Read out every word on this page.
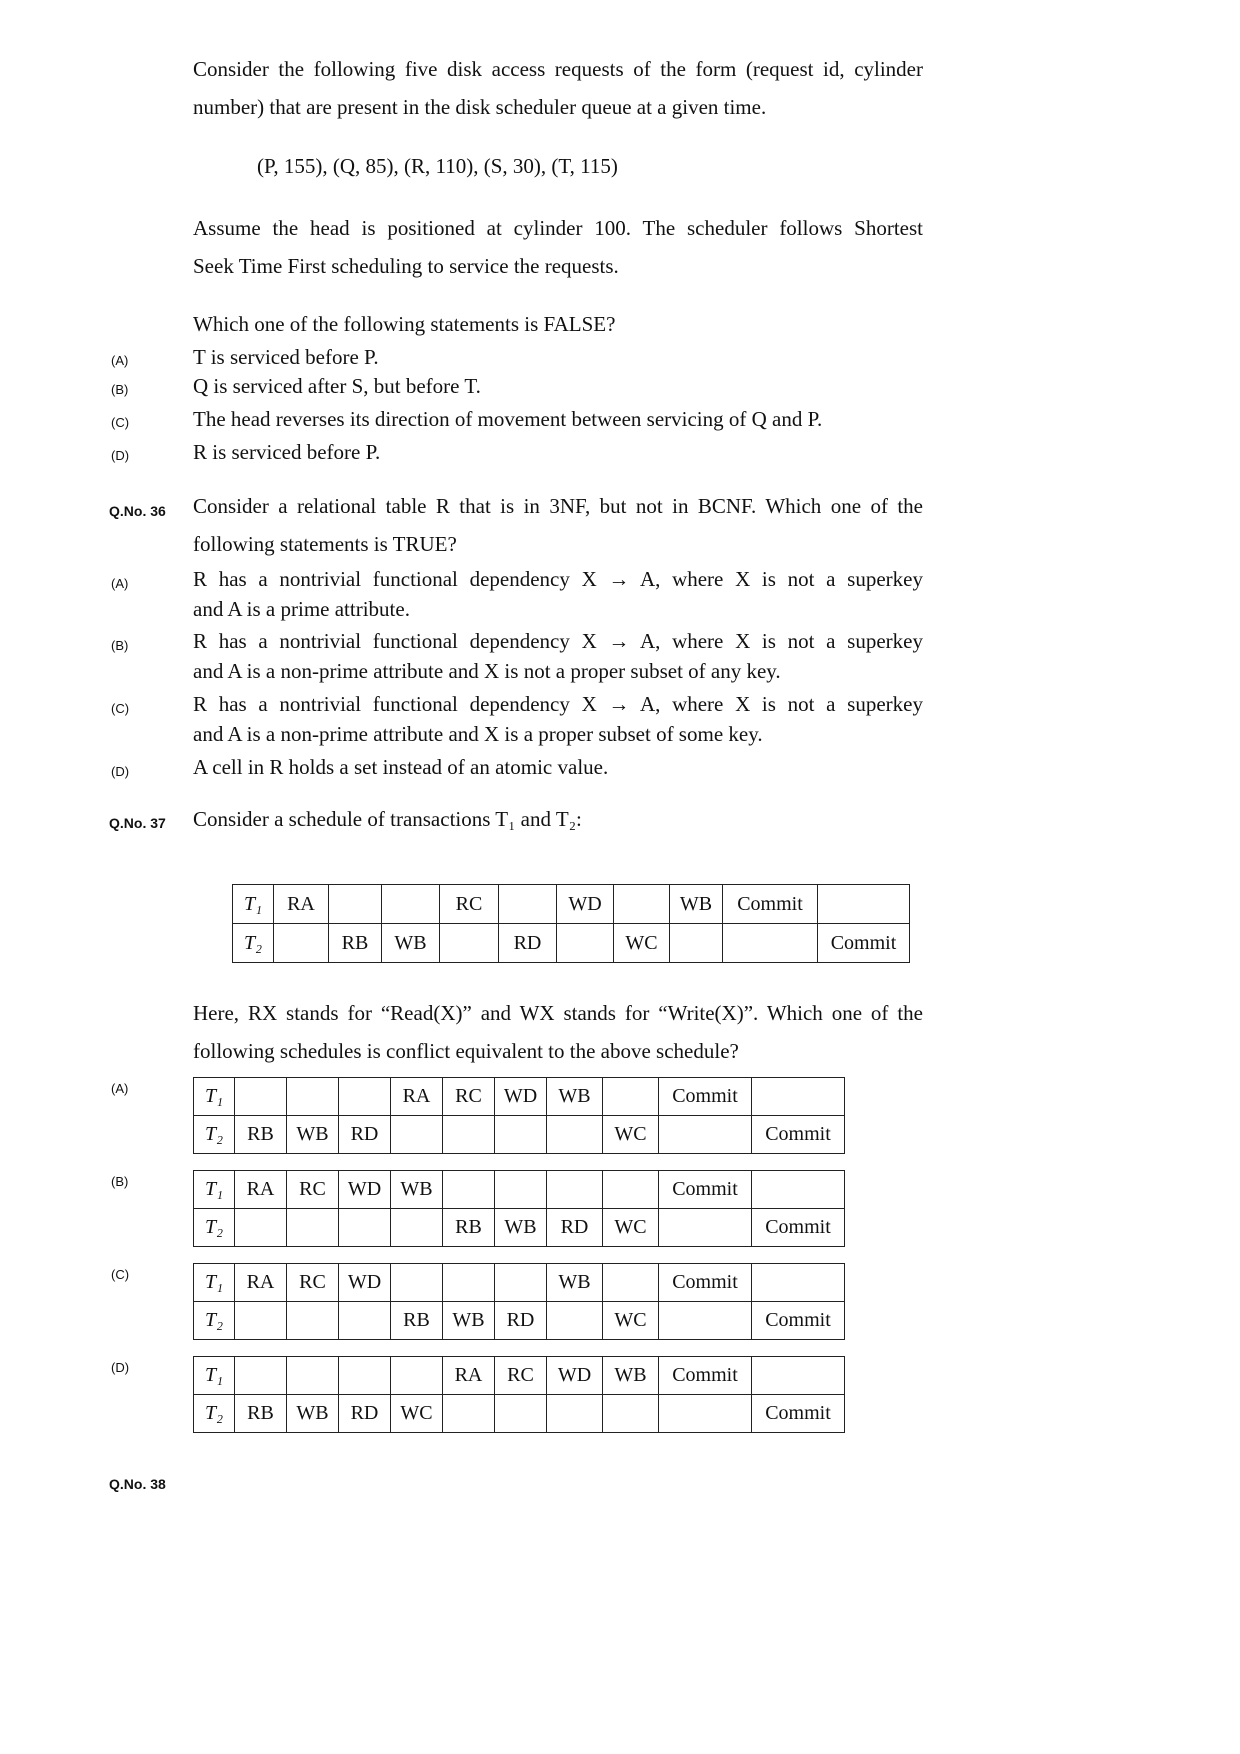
Consider the following five disk access requests of the form (request id, cylinder
number) that are present in the disk scheduler queue at a given time.
(P, 155), (Q, 85), (R, 110), (S, 30), (T, 115)
Assume the head is positioned at cylinder 100. The scheduler follows Shortest
Seek Time First scheduling to service the requests.
Which one of the following statements is FALSE?
(A)	T is serviced before P.
(B)	Q is serviced after S, but before T.
(C)	The head reverses its direction of movement between servicing of Q and P.
(D)	R is serviced before P.
Q.No. 36 Consider a relational table R that is in 3NF, but not in BCNF. Which one of the
following statements is TRUE?
(A)	R has a nontrivial functional dependency X → A, where X is not a superkey
and A is a prime attribute.
(B)	R has a nontrivial functional dependency X → A, where X is not a superkey
and A is a non-prime attribute and X is not a proper subset of any key.
(C)	R has a nontrivial functional dependency X → A, where X is not a superkey
and A is a non-prime attribute and X is a proper subset of some key.
(D)	A cell in R holds a set instead of an atomic value.
Q.No. 37 Consider a schedule of transactions T₁ and T₂:
T₁	RA			RC		WD		WB	Commit	
T₂		RB	WB		RD		WC			Commit
Here, RX stands for “Read(X)” and WX stands for “Write(X)”. Which one of the
following schedules is conflict equivalent to the above schedule?
(A)	T₁				RA	RC	WD	WB		Commit	
T₂	RB	WB	RD					WC		Commit
(B)	T₁	RA	RC	WD	WB					Commit	
T₂					RB	WB	RD	WC		Commit
(C)	T₁	RA	RC	WD				WB		Commit	
T₂				RB	WB	RD		WC		Commit
(D)	T₁					RA	RC	WD	WB	Commit	
T₂	RB	WB	RD	WC						Commit
Q.No. 38
